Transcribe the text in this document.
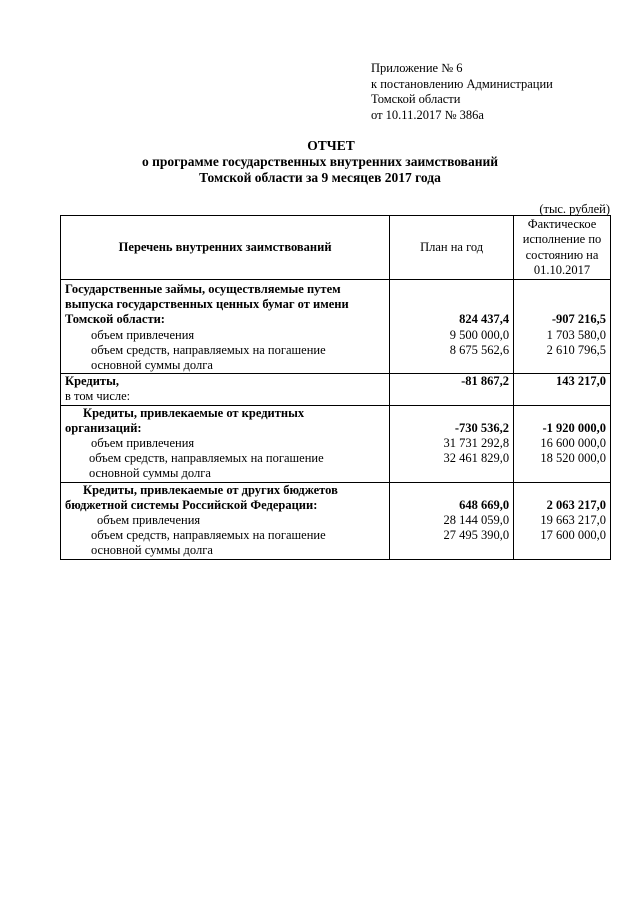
Приложение № 6
к постановлению Администрации
Томской области
от 10.11.2017 № 386а
ОТЧЕТ
о программе государственных внутренних заимствований
Томской области за 9 месяцев 2017 года
(тыс. рублей)
Перечень внутренних заимствований	План на год	Фактическое
исполнение по
состоянию на
01.10.2017

Государственные займы, осуществляемые путем
выпуска государственных ценных бумаг от имени		

Томской области:	824 437,4	-907 216,5
объем привлечения	9 500 000,0	1 703 580,0

объем средств, направляемых на погашение
основной суммы долга	8 675 562,6	2 610 796,5
Кредиты,	-81 867,2	143 217,0
в том числе:		
Кредиты, привлекаемые от кредитных		
организаций:	-730 536,2	-1 920 000,0
объем привлечения	31 731 292,8	16 600 000,0

объем средств, направляемых на погашение
основной суммы долга	32 461 829,0	18 520 000,0
Кредиты, привлекаемые от других бюджетов		
бюджетной системы Российской Федерации:	648 669,0	2 063 217,0
объем привлечения	28 144 059,0	19 663 217,0

объем средств, направляемых на погашение
основной суммы долга	27 495 390,0	17 600 000,0
